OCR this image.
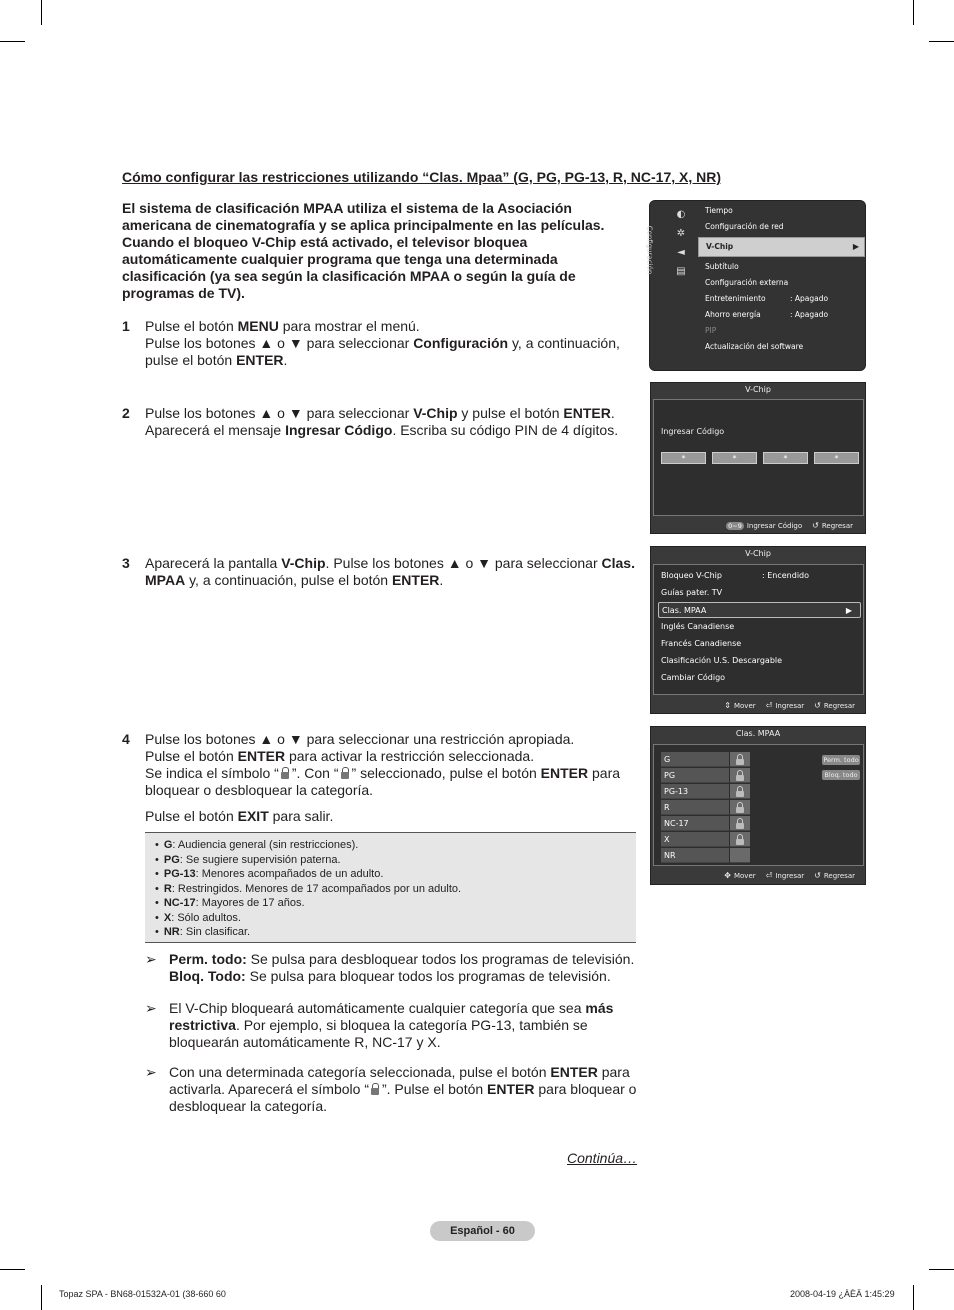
Cómo configurar las restricciones utilizando “Clas. Mpaa” (G, PG, PG-13, R, NC-17, X, NR)
El sistema de clasificación MPAA utiliza el sistema de la Asociación americana de cinematografía y se aplica principalmente en las películas. Cuando el bloqueo V-Chip está activado, el televisor bloquea automáticamente cualquier programa que tenga una determinada clasificación (ya sea según la clasificación MPAA o según la guía de programas de TV).
1 Pulse el botón MENU para mostrar el menú.

Pulse los botones ▲ o ▼ para seleccionar Configuración y, a continuación,

pulse el botón ENTER.

2 Pulse los botones ▲ o ▼ para seleccionar V-Chip y pulse el botón ENTER.

Aparecerá el mensaje Ingresar Código. Escriba su código PIN de 4 dígitos.

3 Aparecerá la pantalla V-Chip. Pulse los botones ▲ o ▼ para seleccionar Clas.

MPAA y, a continuación, pulse el botón ENTER.

4 Pulse los botones ▲ o ▼ para seleccionar una restricción apropiada.

Pulse el botón ENTER para activar la restricción seleccionada.

Se indica el símbolo “ ”. Con “ ” seleccionado, pulse el botón ENTER para

bloquear o desbloquear la categoría.

Pulse el botón EXIT para salir.

• G: Audiencia general (sin restricciones).
• PG: Se sugiere supervisión paterna.
• PG-13: Menores acompañados de un adulto.
• R: Restringidos. Menores de 17 acompañados por un adulto.
• NC-17: Mayores de 17 años.
• X: Sólo adultos.
• NR: Sin clasificar.
➢ Perm. todo: Se pulsa para desbloquear todos los programas de televisión.

Bloq. Todo: Se pulsa para bloquear todos los programas de televisión.

➢ El V-Chip bloqueará automáticamente cualquier categoría que sea más restrictiva. Por ejemplo, si bloquea la categoría PG-13, también se bloquearán automáticamente R, NC-17 y X.
➢ Con una determinada categoría seleccionada, pulse el botón ENTER para activarla. Aparecerá el símbolo “ ”. Pulse el botón ENTER para bloquear o desbloquear la categoría.
Continúa…
Español - 60
Topaz SPA - BN68-01532A-01 (38-660 60	2008-04-19 ¿ÀÈÄ 1:45:29
Configuración
◐
✲
◄
▤
Tiempo
Configuración de red
V-Chip	▶
Subtítulo
Configuración externa
Entretenimiento	: Apagado
Ahorro energía	: Apagado
PIP
Actualización del software
V-Chip
Ingresar Código
*	*	*	*
0~9 Ingresar Código ↺ Regresar
V-Chip
Bloqueo V-Chip	: Encendido
Guías pater. TV
Clas. MPAA	▶
Inglés Canadiense
Francés Canadiense
Clasificación U.S. Descargable
Cambiar Código
⇕ Mover ⏎ Ingresar ↺ Regresar
Clas. MPAA
Perm. todo
Bloq. todo
G
PG
PG-13
R
NC-17
X
NR
✥ Mover ⏎ Ingresar ↺ Regresar
